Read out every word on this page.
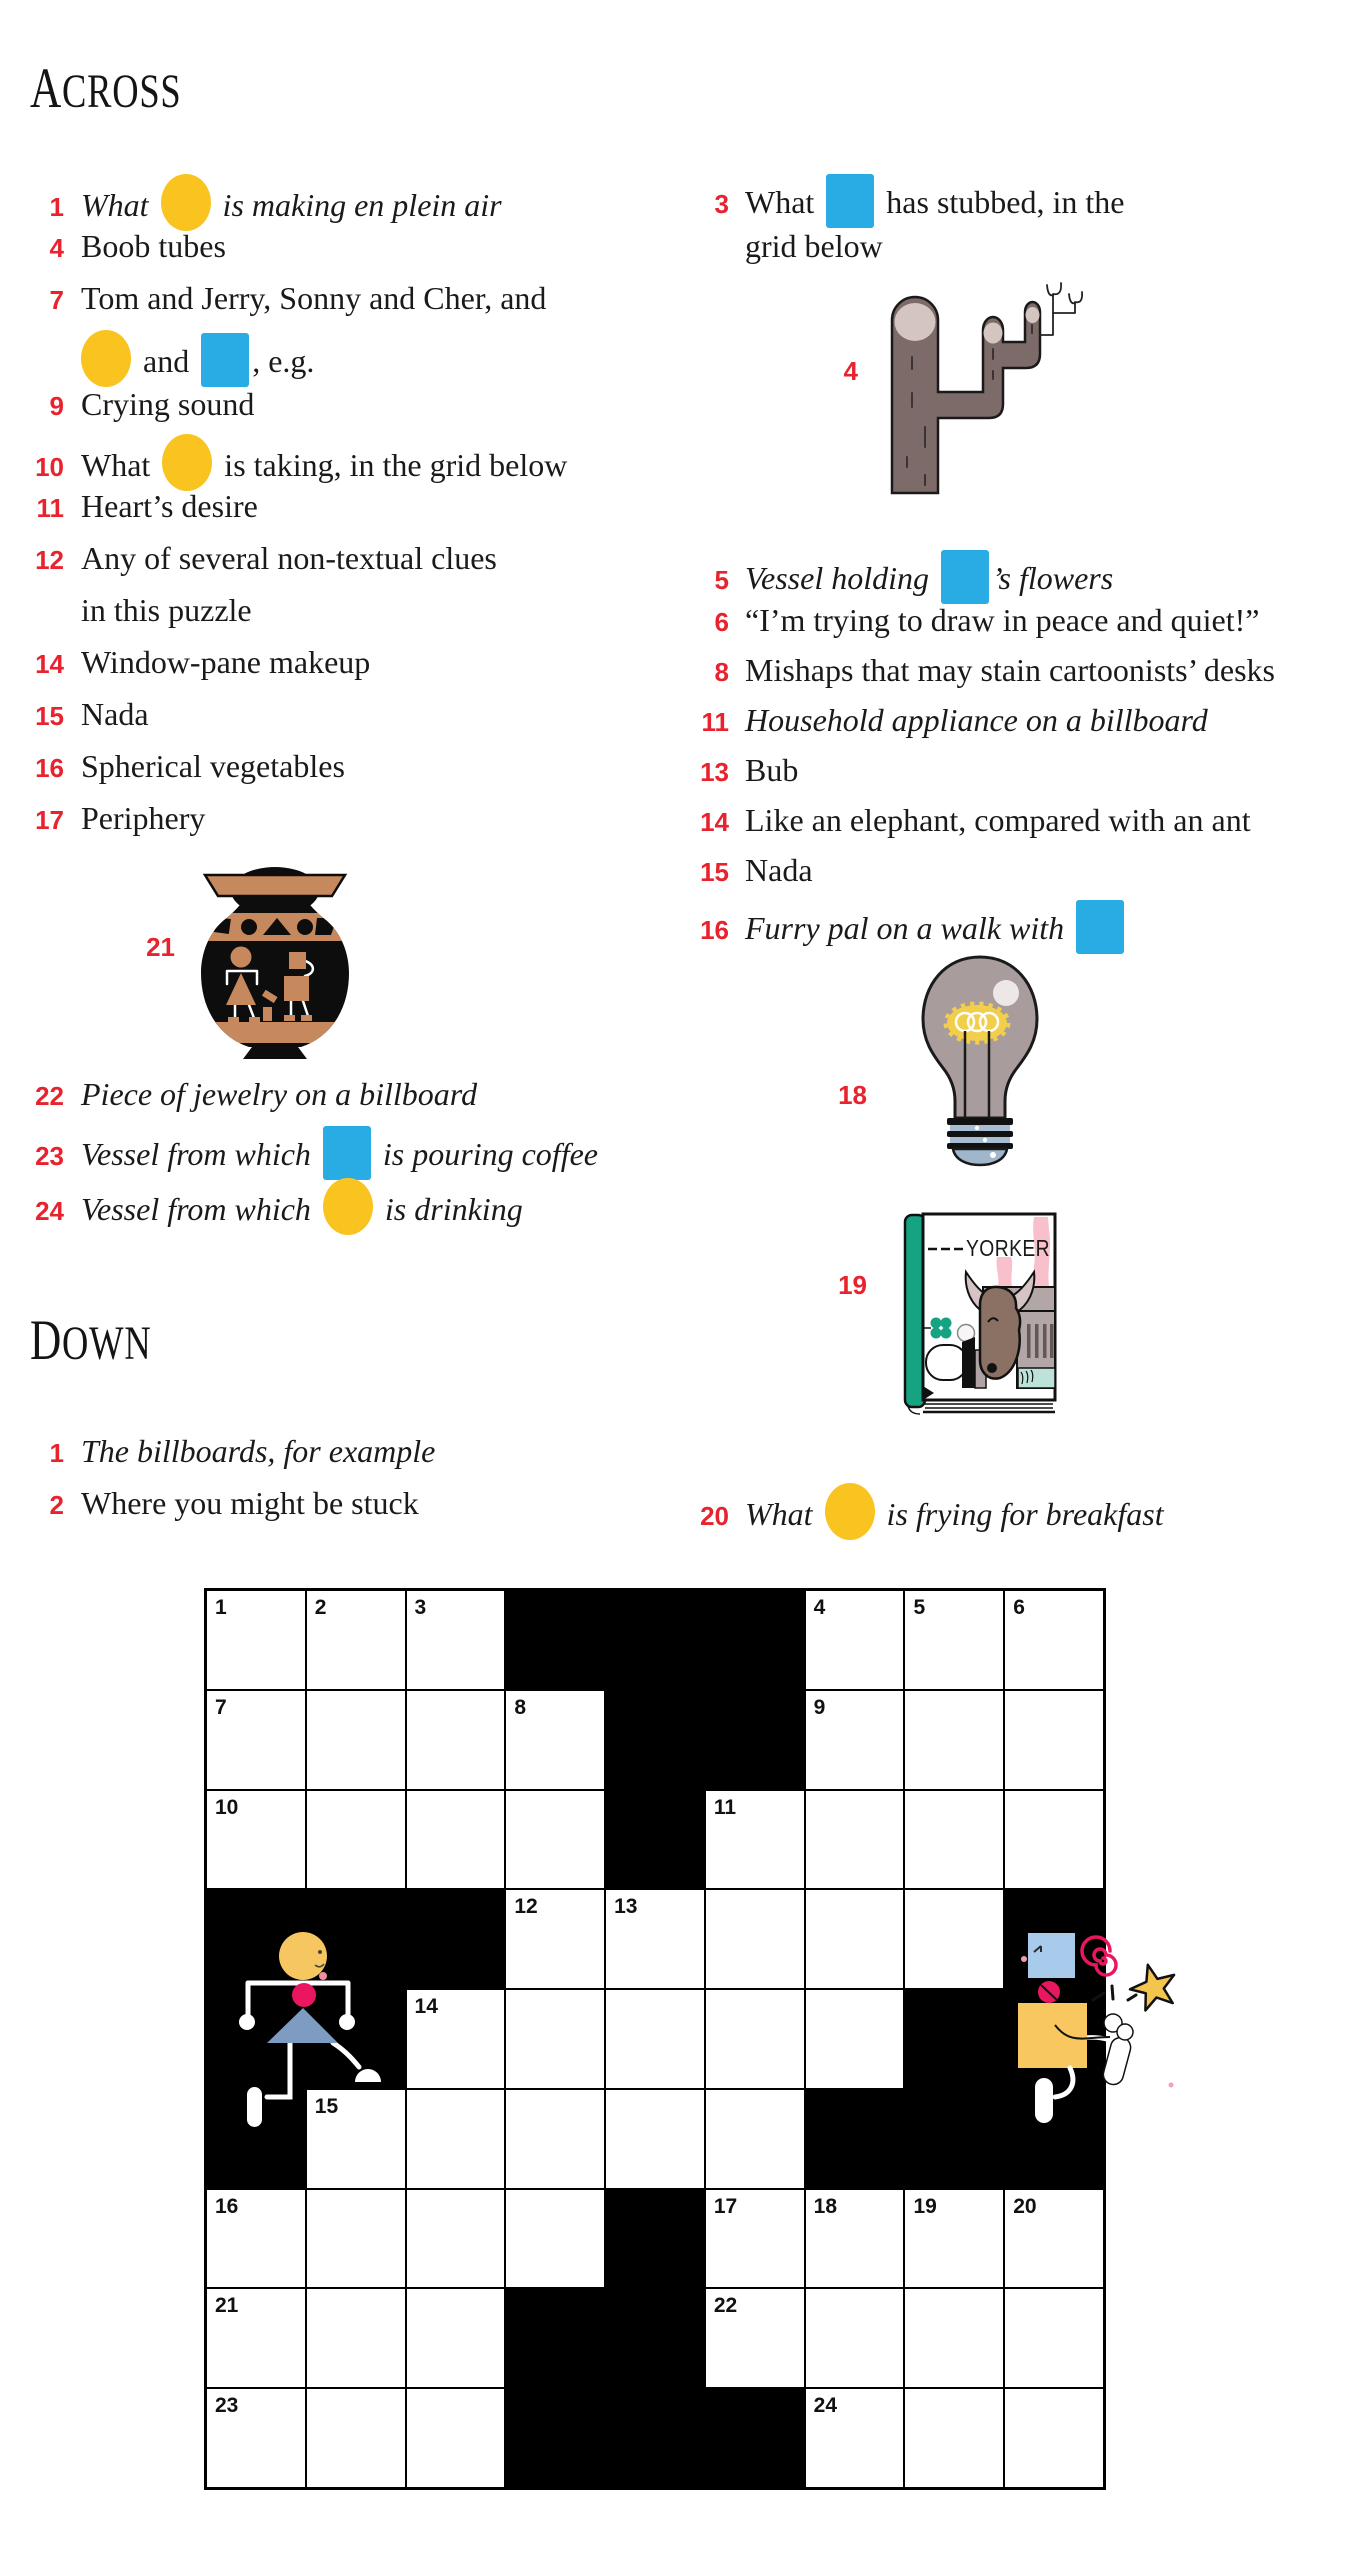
ACROSS
1 What is making en plein air
4 Boob tubes
7 Tom and Jerry, Sonny and Cher, and
and , e.g.
9 Crying sound
10 What is taking, in the grid below
11 Heart’s desire
12 Any of several non-textual clues
in this puzzle
14 Window-pane makeup
15 Nada
16 Spherical vegetables
17 Periphery
21
22 Piece of jewelry on a billboard
23 Vessel from which is pouring coffee
24 Vessel from which is drinking
DOWN
1 The billboards, for example
2 Where you might be stuck
3 What has stubbed, in the
grid below
4
5 Vessel holding ’s flowers
6 “I’m trying to draw in peace and quiet!”
8 Mishaps that may stain cartoonists’ desks
11 Household appliance on a billboard
13 Bub
14 Like an elephant, compared with an ant
15 Nada
16 Furry pal on a walk with
18
19
YORKER
20 What is frying for breakfast
1	2	3	4	5	6
7	8	9
10	11
12	13
14
15
16	17	18	19	20
21	22
23	24
